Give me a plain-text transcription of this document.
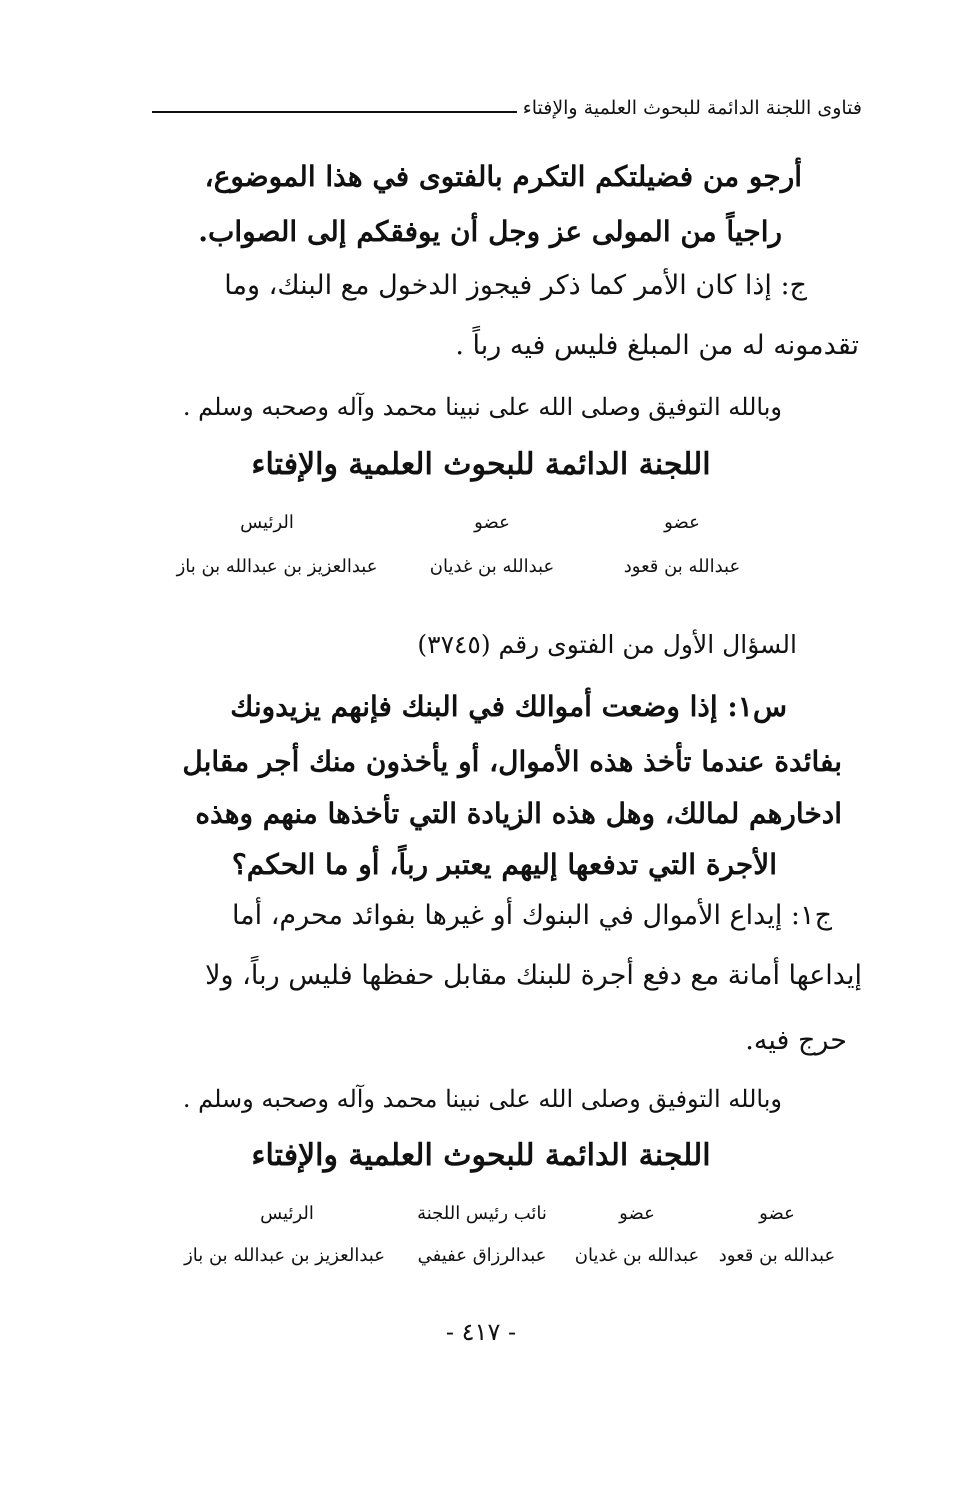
فتاوى اللجنة الدائمة للبحوث العلمية والإفتاء
أرجو من فضيلتكم التكرم بالفتوى في هذا الموضوع،
راجياً من المولى عز وجل أن يوفقكم إلى الصواب.
ج: إذا كان الأمر كما ذكر فيجوز الدخول مع البنك، وما
تقدمونه له من المبلغ فليس فيه رباً .
وبالله التوفيق وصلى الله على نبينا محمد وآله وصحبه وسلم .
اللجنة الدائمة للبحوث العلمية والإفتاء
عضو
عبدالله بن قعود
عضو
عبدالله بن غديان
الرئيس
عبدالعزيز بن عبدالله بن باز
السؤال الأول من الفتوى رقم (٣٧٤٥)
س١: إذا وضعت أموالك في البنك فإنهم يزيدونك
بفائدة عندما تأخذ هذه الأموال، أو يأخذون منك أجر مقابل
ادخارهم لمالك، وهل هذه الزيادة التي تأخذها منهم وهذه
الأجرة التي تدفعها إليهم يعتبر رباً، أو ما الحكم؟
ج١: إيداع الأموال في البنوك أو غيرها بفوائد محرم، أما
إيداعها أمانة مع دفع أجرة للبنك مقابل حفظها فليس رباً، ولا
حرج فيه.
وبالله التوفيق وصلى الله على نبينا محمد وآله وصحبه وسلم .
اللجنة الدائمة للبحوث العلمية والإفتاء
عضو
عبدالله بن قعود
عضو
عبدالله بن غديان
نائب رئيس اللجنة
عبدالرزاق عفيفي
الرئيس
عبدالعزيز بن عبدالله بن باز
- ٤١٧ -
